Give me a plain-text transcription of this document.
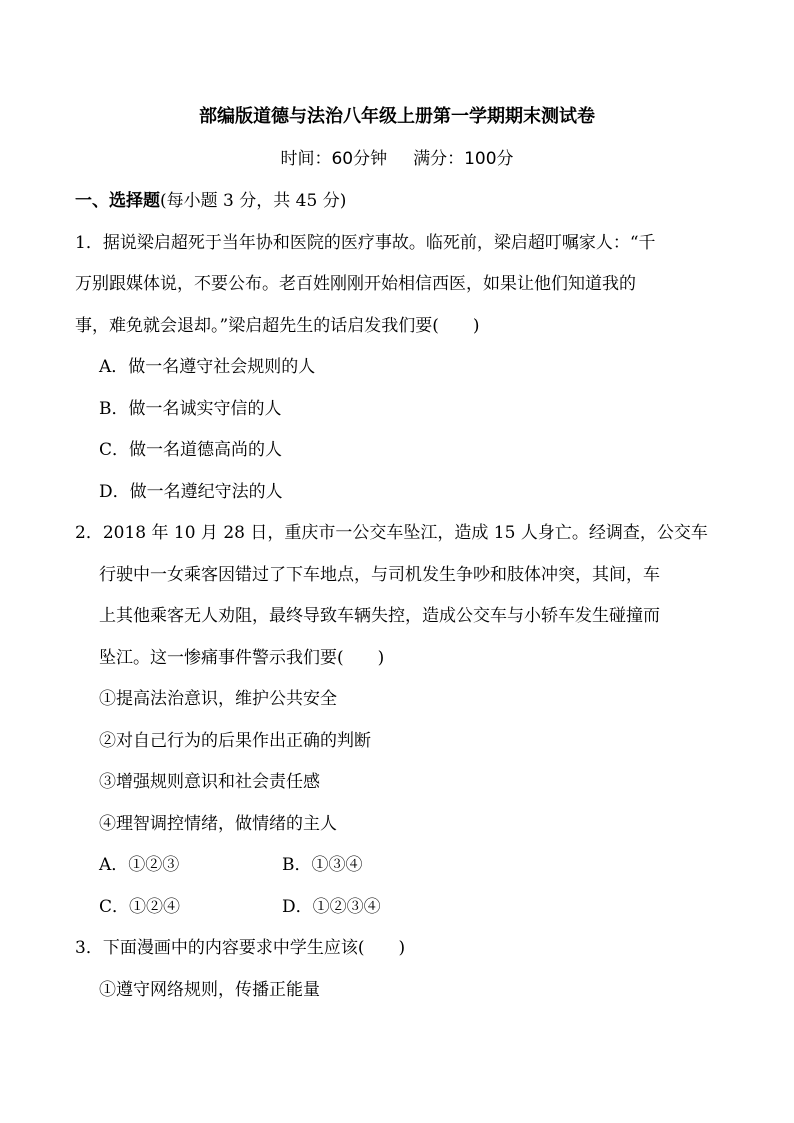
部编版道德与法治八年级上册第一学期期末测试卷
时间：60分钟 满分：100分
一、选择题(每小题 3 分，共 45 分)
1．据说梁启超死于当年协和医院的医疗事故。临死前，梁启超叮嘱家人：“千
万别跟媒体说，不要公布。老百姓刚刚开始相信西医，如果让他们知道我的
事，难免就会退却。”梁启超先生的话启发我们要(　　)
A．做一名遵守社会规则的人
B．做一名诚实守信的人
C．做一名道德高尚的人
D．做一名遵纪守法的人
2．2018 年 10 月 28 日，重庆市一公交车坠江，造成 15 人身亡。经调查，公交车
行驶中一女乘客因错过了下车地点，与司机发生争吵和肢体冲突，其间，车
上其他乘客无人劝阻，最终导致车辆失控，造成公交车与小轿车发生碰撞而
坠江。这一惨痛事件警示我们要(　　)
①提高法治意识，维护公共安全
②对自己行为的后果作出正确的判断
③增强规则意识和社会责任感
④理智调控情绪，做情绪的主人
A．①②③	B．①③④
C．①②④	D．①②③④
3．下面漫画中的内容要求中学生应该(　　)
①遵守网络规则，传播正能量
